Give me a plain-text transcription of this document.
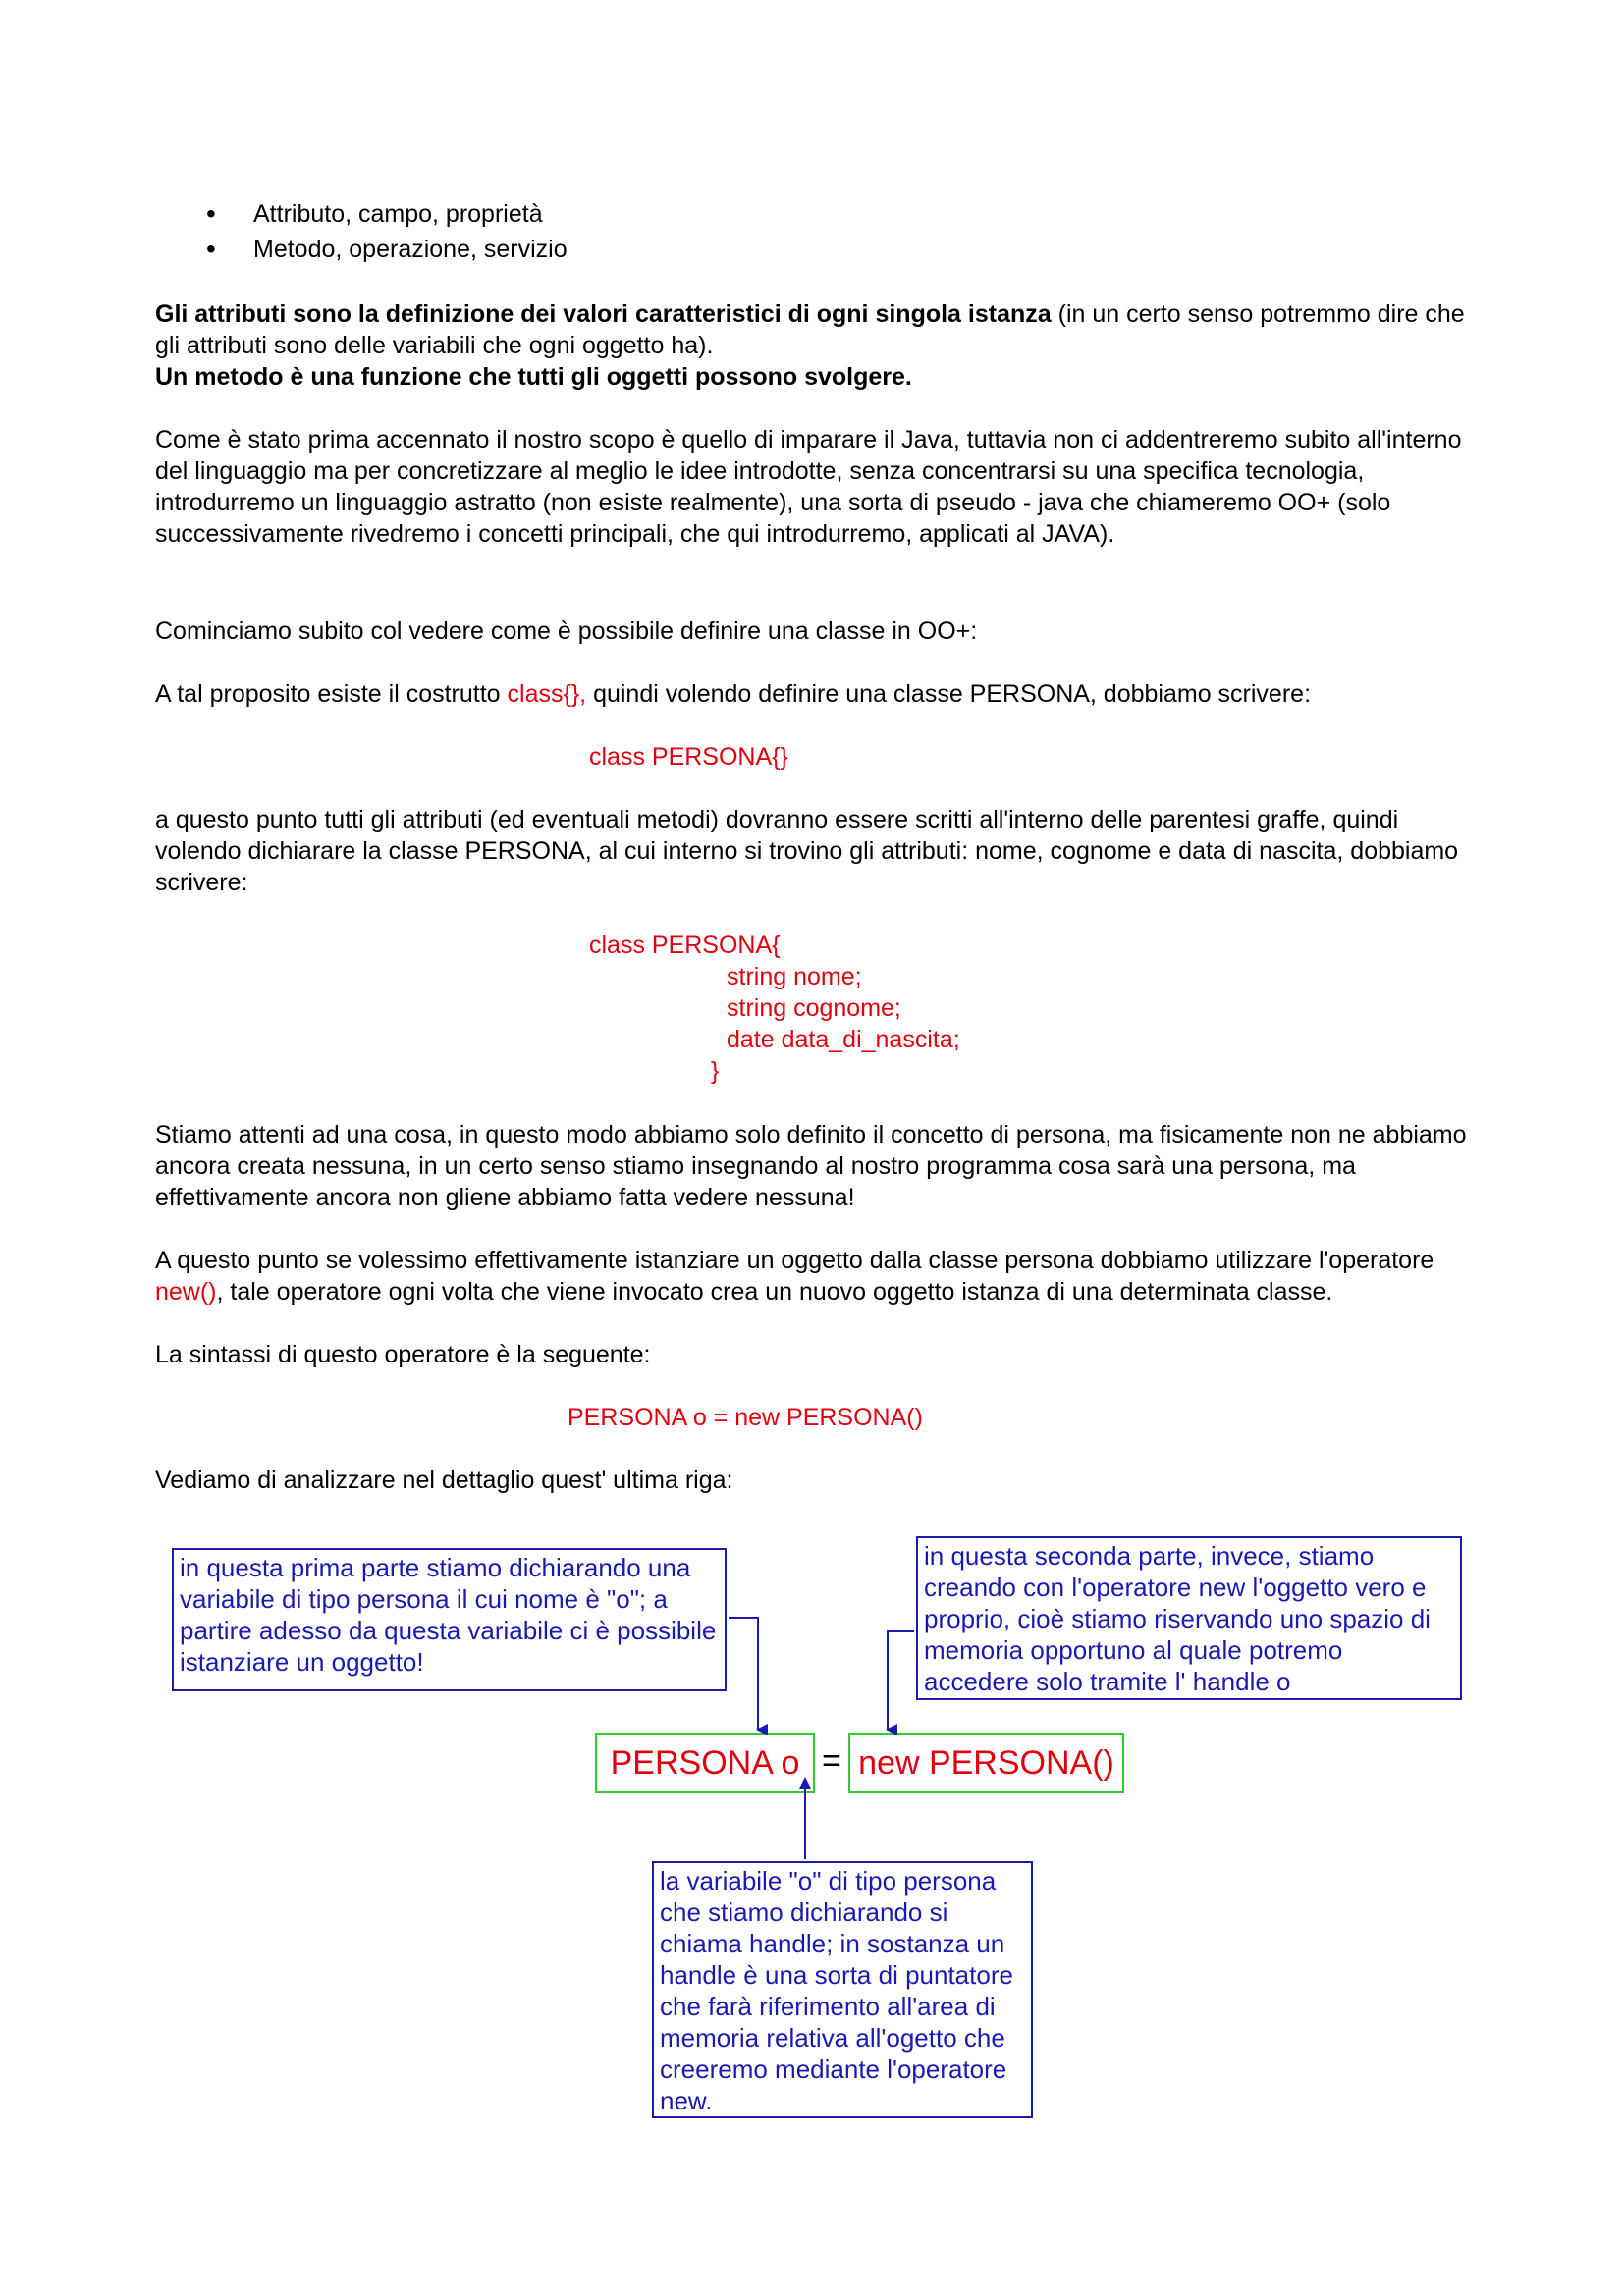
• Attributo, campo, proprietà
• Metodo, operazione, servizio

Gli attributi sono la definizione dei valori caratteristici di ogni singola istanza (in un certo senso potremmo dire che gli attributi sono delle variabili che ogni oggetto ha).
Un metodo è una funzione che tutti gli oggetti possono svolgere.

Come è stato prima accennato il nostro scopo è quello di imparare il Java, tuttavia non ci addentreremo subito all'interno del linguaggio ma per concretizzare al meglio le idee introdotte, senza concentrarsi su una specifica tecnologia, introdurremo un linguaggio astratto (non esiste realmente), una sorta di pseudo - java che chiameremo OO+ (solo successivamente rivedremo i concetti principali, che qui introdurremo, applicati al JAVA).

Cominciamo subito col vedere come è possibile definire una classe in OO+:

A tal proposito esiste il costrutto class{}, quindi volendo definire una classe PERSONA, dobbiamo scrivere:

class PERSONA{}

a questo punto tutti gli attributi (ed eventuali metodi) dovranno essere scritti all'interno delle parentesi graffe, quindi volendo dichiarare la classe PERSONA, al cui interno si trovino gli attributi: nome, cognome e data di nascita, dobbiamo scrivere:

class PERSONA{
string nome;
string cognome;
date data_di_nascita;
}

Stiamo attenti ad una cosa, in questo modo abbiamo solo definito il concetto di persona, ma fisicamente non ne abbiamo ancora creata nessuna, in un certo senso stiamo insegnando al nostro programma cosa sarà una persona, ma effettivamente ancora non gliene abbiamo fatta vedere nessuna!

A questo punto se volessimo effettivamente istanziare un oggetto dalla classe persona dobbiamo utilizzare l'operatore new(), tale operatore ogni volta che viene invocato crea un nuovo oggetto istanza di una determinata classe.

La sintassi di questo operatore è la seguente:

PERSONA o = new PERSONA()

Vediamo di analizzare nel dettaglio quest' ultima riga:

in questa prima parte stiamo dichiarando una variabile di tipo persona il cui nome è "o"; a partire adesso da questa variabile ci è possibile istanziare un oggetto!
in questa seconda parte, invece, stiamo creando con l'operatore new l'oggetto vero e proprio, cioè stiamo riservando uno spazio di memoria opportuno al quale potremo accedere solo tramite l' handle o
PERSONA o = new PERSONA()
la variabile "o" di tipo persona che stiamo dichiarando si chiama handle; in sostanza un handle è una sorta di puntatore che farà riferimento all'area di memoria relativa all'ogetto che creeremo mediante l'operatore new.
